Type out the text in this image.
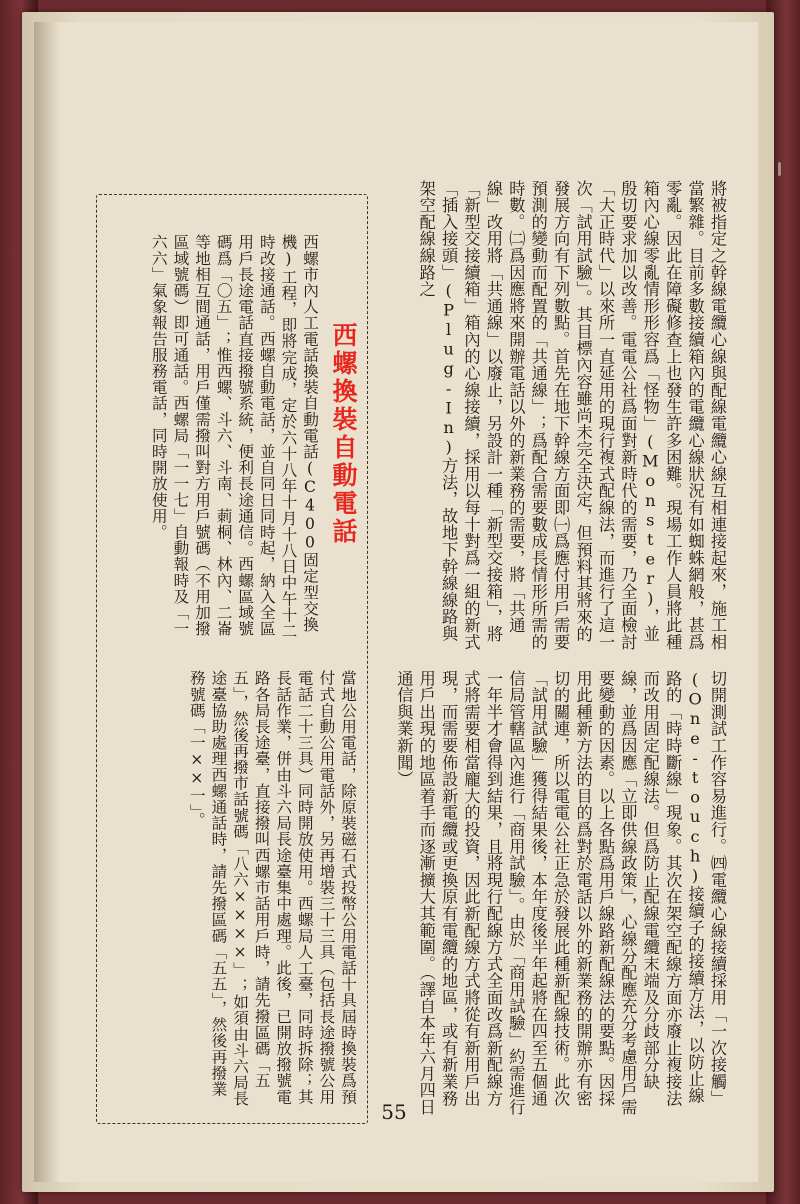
將被指定之幹線電纜心線與配線電纜心線互相連接起來，施工相當繁雜。目前多數接續箱內的電纜心線狀況有如蜘蛛網般，甚爲零亂。因此在障礙修查上也發生許多困難。現場工作人員將此種箱內心線零亂情形形容爲「怪物」(Monster)，並殷切要求加以改善。電電公社爲面對新時代的需要，乃全面檢討「大正時代」以來所一直延用的現行複式配線法，而進行了這一次「試用試驗」。其目標內容雖尚未完全決定，但預料其將來的發展方向有下列數點。首先在地下幹線方面即㈠爲應付用戶需要預測的變動而配置的「共通線」；爲配合需要數成長情形所需的時數。㈡爲因應將來開辦電話以外的新業務的需要，將「共通線」改用將「共通線」以廢止，另設計一種「新型交接箱」，將「新型交接續箱」箱內的心線接續，採用以每十對爲一組的新式「插入接頭」(Plug-In)方法，故地下幹線線路與架空配線線路之
切開測試工作容易進行。㈣電纜心線接續採用「一次接觸」(One-touch)接續子的接續方法，以防止線路的「時時斷線」現象。其次在架空配線方面亦廢止複接法而改用固定配線法。但爲防止配線電纜末端及分歧部分缺線，並爲因應「立即供線政策」，心線分配應充分考慮用戶需要變動的因素。以上各點爲用戶線路新配線法的要點。因採用此種新方法的目的爲對於電話以外的新業務的開辦亦有密切的關連，所以電電公社正急於發展此種新配線技術。此次「試用試驗」獲得結果後，本年度後半年起將在四至五個通信局管轄區內進行「商用試驗」。由於「商用試驗」約需進行一年半才會得到結果，且將現行配線方式全面改爲新配線方式將需要相當龐大的投資，因此新配線方式將從有新用戶出現，而需要佈設新電纜或更換原有電纜的地區，或有新業務用戶出現的地區着手而逐漸擴大其範圍。（譯自本年六月四日通信與業新聞）
西螺換裝自動電話
西螺市內人工電話換裝自動電話(C400固定型交換機)工程，即將完成，定於六十八年十月十八日中午十二時改接通話。西螺自動電話，並自同日同時起，納入全區用戶長途電話直接撥號系統，便利長途通信。西螺區域號碼爲「〇五」；惟西螺、斗六、斗南、莿桐、林內、二崙等地相互間通話，用戶僅需撥叫對方用戶號碼（不用加撥區域號碼）即可通話。西螺局「一一七」自動報時及「一六六」氣象報告服務電話，同時開放使用。
當地公用電話，除原裝磁石式投幣公用電話十具屆時換裝爲預付式自動公用電話外，另再增裝三十三具（包括長途撥號公用電話二十三具）同時開放使用。西螺局人工臺，同時拆除；其長話作業，併由斗六局長途臺集中處理。此後，已開放撥號電路各局長途臺，直接撥叫西螺市話用戶時，請先撥區碼「五五」，然後再撥市話號碼「八六××××」；如須由斗六局長途臺協助處理西螺通話時，請先撥區碼「五五」，然後再撥業務號碼「一××一」。
55
